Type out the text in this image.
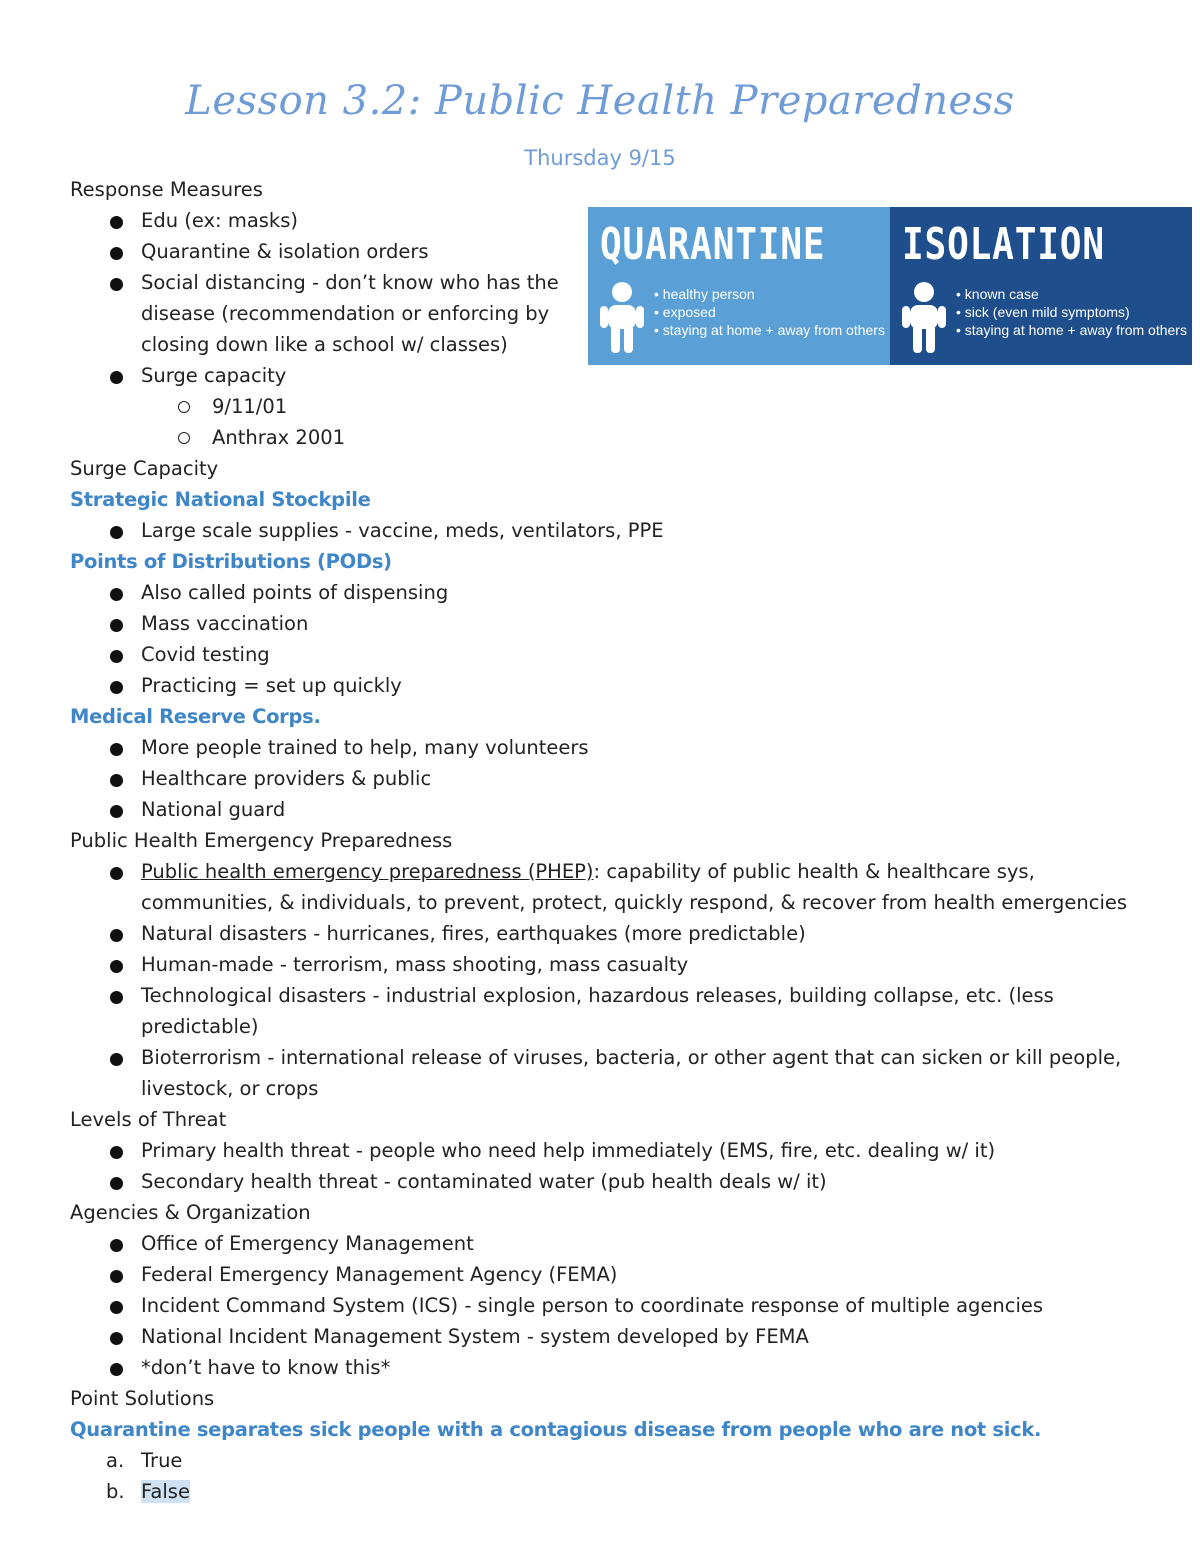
Lesson 3.2: Public Health Preparedness
Thursday 9/15
QUARANTINE
• healthy person
• exposed
• staying at home + away from others
ISOLATION
• known case
• sick (even mild symptoms)
• staying at home + away from others
Response Measures
Edu (ex: masks)
Quarantine & isolation orders
Social distancing - don’t know who has the disease (recommendation or enforcing by closing down like a school w/ classes)
Surge capacity
9/11/01
Anthrax 2001
Surge Capacity
Strategic National Stockpile
Large scale supplies - vaccine, meds, ventilators, PPE
Points of Distributions (PODs)
Also called points of dispensing
Mass vaccination
Covid testing
Practicing = set up quickly
Medical Reserve Corps.
More people trained to help, many volunteers
Healthcare providers & public
National guard
Public Health Emergency Preparedness
Public health emergency preparedness (PHEP): capability of public health & healthcare sys, communities, & individuals, to prevent, protect, quickly respond, & recover from health emergencies
Natural disasters - hurricanes, fires, earthquakes (more predictable)
Human-made - terrorism, mass shooting, mass casualty
Technological disasters - industrial explosion, hazardous releases, building collapse, etc. (less predictable)
Bioterrorism - international release of viruses, bacteria, or other agent that can sicken or kill people, livestock, or crops
Levels of Threat
Primary health threat - people who need help immediately (EMS, fire, etc. dealing w/ it)
Secondary health threat - contaminated water (pub health deals w/ it)
Agencies & Organization
Office of Emergency Management
Federal Emergency Management Agency (FEMA)
Incident Command System (ICS) - single person to coordinate response of multiple agencies
National Incident Management System - system developed by FEMA
*don’t have to know this*
Point Solutions
Quarantine separates sick people with a contagious disease from people who are not sick.
a. True
b. False
